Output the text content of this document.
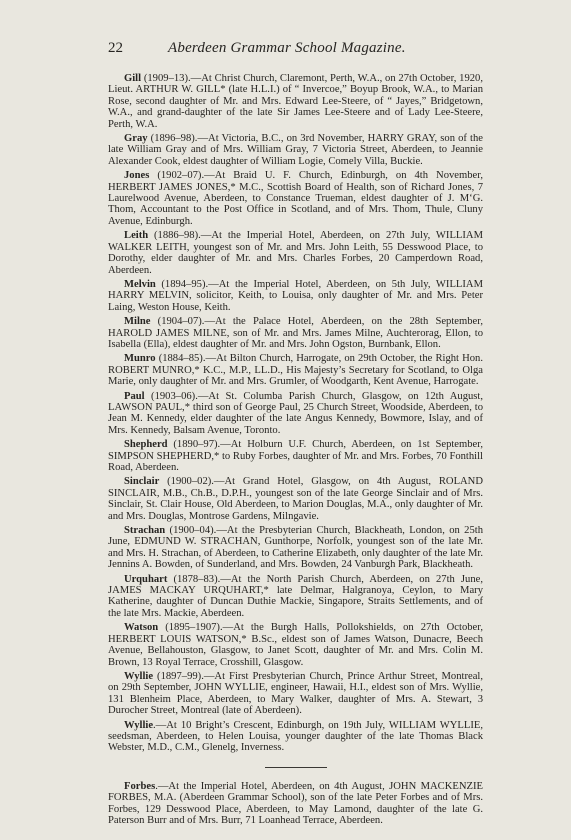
22	Aberdeen Grammar School Magazine.

Gill (1909–13).—At Christ Church, Claremont, Perth, W.A., on 27th October, 1920, Lieut. ARTHUR W. GILL* (late H.L.I.) of “ Invercoe,” Boyup Brook, W.A., to Marian Rose, second daughter of Mr. and Mrs. Edward Lee-Steere, of “ Jayes,” Bridgetown, W.A., and grand-daughter of the late Sir James Lee-Steere and of Lady Lee-Steere, Perth, W.A.

Gray (1896–98).—At Victoria, B.C., on 3rd November, HARRY GRAY, son of the late William Gray and of Mrs. William Gray, 7 Victoria Street, Aberdeen, to Jeannie Alexander Cook, eldest daughter of William Logie, Comely Villa, Buckie.

Jones (1902–07).—At Braid U. F. Church, Edinburgh, on 4th November, HERBERT JAMES JONES,* M.C., Scottish Board of Health, son of Richard Jones, 7 Laurelwood Avenue, Aberdeen, to Constance Trueman, eldest daughter of J. M‘G. Thom, Accountant to the Post Office in Scotland, and of Mrs. Thom, Thule, Cluny Avenue, Edinburgh.

Leith (1886–98).—At the Imperial Hotel, Aberdeen, on 27th July, WILLIAM WALKER LEITH, youngest son of Mr. and Mrs. John Leith, 55 Desswood Place, to Dorothy, elder daughter of Mr. and Mrs. Charles Forbes, 20 Camperdown Road, Aberdeen.

Melvin (1894–95).—At the Imperial Hotel, Aberdeen, on 5th July, WILLIAM HARRY MELVIN, solicitor, Keith, to Louisa, only daughter of Mr. and Mrs. Peter Laing, Weston House, Keith.

Milne (1904–07).—At the Palace Hotel, Aberdeen, on the 28th September, HAROLD JAMES MILNE, son of Mr. and Mrs. James Milne, Auchterorag, Ellon, to Isabella (Ella), eldest daughter of Mr. and Mrs. John Ogston, Burnbank, Ellon.

Munro (1884–85).—At Bilton Church, Harrogate, on 29th October, the Right Hon. ROBERT MUNRO,* K.C., M.P., LL.D., His Majesty’s Secretary for Scotland, to Olga Marie, only daughter of Mr. and Mrs. Grumler, of Woodgarth, Kent Avenue, Harrogate.

Paul (1903–06).—At St. Columba Parish Church, Glasgow, on 12th August, LAWSON PAUL,* third son of George Paul, 25 Church Street, Woodside, Aberdeen, to Jean M. Kennedy, elder daughter of the late Angus Kennedy, Bowmore, Islay, and of Mrs. Kennedy, Balsam Avenue, Toronto.

Shepherd (1890–97).—At Holburn U.F. Church, Aberdeen, on 1st September, SIMPSON SHEPHERD,* to Ruby Forbes, daughter of Mr. and Mrs. Forbes, 70 Fonthill Road, Aberdeen.

Sinclair (1900–02).—At Grand Hotel, Glasgow, on 4th August, ROLAND SINCLAIR, M.B., Ch.B., D.P.H., youngest son of the late George Sinclair and of Mrs. Sinclair, St. Clair House, Old Aberdeen, to Marion Douglas, M.A., only daughter of Mr. and Mrs. Douglas, Montrose Gardens, Milngavie.

Strachan (1900–04).—At the Presbyterian Church, Blackheath, London, on 25th June, EDMUND W. STRACHAN, Gunthorpe, Norfolk, youngest son of the late Mr. and Mrs. H. Strachan, of Aberdeen, to Catherine Elizabeth, only daughter of the late Mr. Jennins A. Bowden, of Sunderland, and Mrs. Bowden, 24 Vanburgh Park, Blackheath.

Urquhart (1878–83).—At the North Parish Church, Aberdeen, on 27th June, JAMES MACKAY URQUHART,* late Delmar, Halgranoya, Ceylon, to Mary Katherine, daughter of Duncan Duthie Mackie, Singapore, Straits Settlements, and of the late Mrs. Mackie, Aberdeen.

Watson (1895–1907).—At the Burgh Halls, Pollokshields, on 27th October, HERBERT LOUIS WATSON,* B.Sc., eldest son of James Watson, Dunacre, Beech Avenue, Bellahouston, Glasgow, to Janet Scott, daughter of Mr. and Mrs. Colin M. Brown, 13 Royal Terrace, Crosshill, Glasgow.

Wyllie (1897–99).—At First Presbyterian Church, Prince Arthur Street, Montreal, on 29th September, JOHN WYLLIE, engineer, Hawaii, H.I., eldest son of Mrs. Wyllie, 131 Blenheim Place, Aberdeen, to Mary Walker, daughter of Mrs. A. Stewart, 3 Durocher Street, Montreal (late of Aberdeen).

Wyllie.—At 10 Bright’s Crescent, Edinburgh, on 19th July, WILLIAM WYLLIE, seedsman, Aberdeen, to Helen Louisa, younger daughter of the late Thomas Black Webster, M.D., C.M., Glenelg, Inverness.

Forbes.—At the Imperial Hotel, Aberdeen, on 4th August, JOHN MACKENZIE FORBES, M.A. (Aberdeen Grammar School), son of the late Peter Forbes and of Mrs. Forbes, 129 Desswood Place, Aberdeen, to May Lamond, daughter of the late G. Paterson Burr and of Mrs. Burr, 71 Loanhead Terrace, Aberdeen.
